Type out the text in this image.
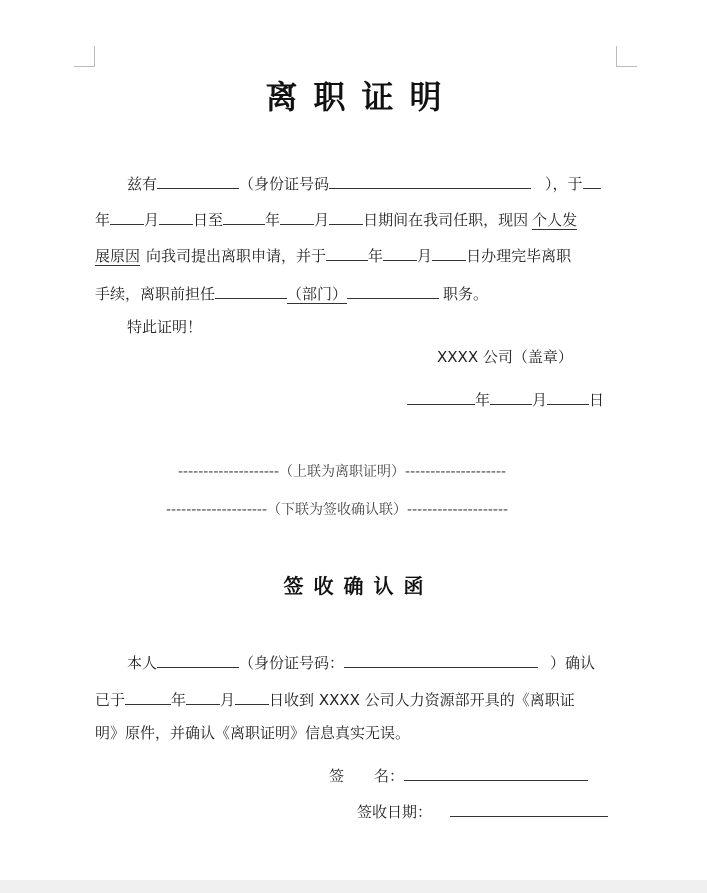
离职证明
兹有	（身份证号码	），于
年 月 日至	年 月 日期间在我司任职，现因 个人发
展原因 向我司提出离职申请，并于	年 月 日办理完毕离职
手续，离职前担任	（部门）	职务。
特此证明！
XXXX 公司（盖章）
年	月	日
--------------------（上联为离职证明）--------------------
--------------------（下联为签收确认联）--------------------
签收确认函
本人	（身份证号码：	）确认
已于	年 月 日收到 XXXX 公司人力资源部开具的《离职证
明》原件，并确认《离职证明》信息真实无误。
签　　名：
签收日期：
